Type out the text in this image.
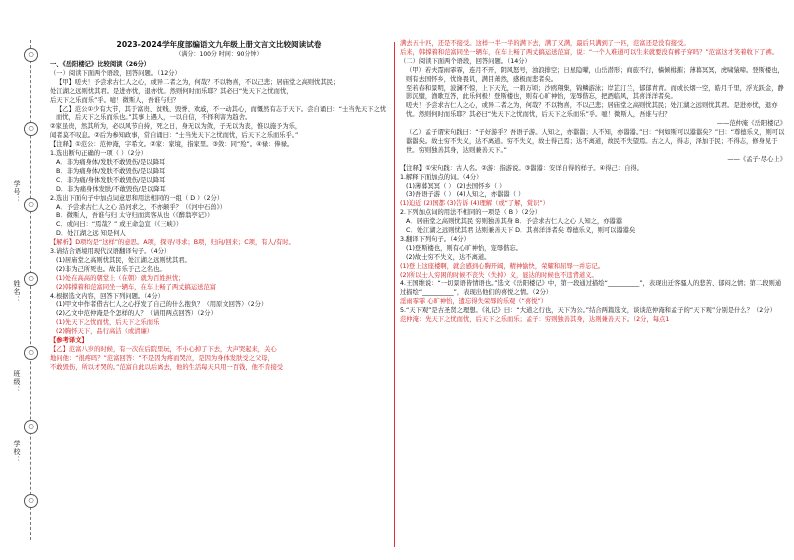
学号：
姓名：
班级：
学校：
○
○
○
○
○
○
○
2023-2024学年度部编语文九年级上册文言文比较阅读试卷
（满分：100分 时间：90分钟）

一、《岳阳楼记》比较阅读（26分）

（一）阅读下面两个语段，回答问题。（12分）

【甲】嗟夫！予尝求古仁人之心，或异二者之为，何哉？不以物喜，不以己悲；居庙堂之高则忧其民；

处江湖之远则忧其君。是进亦忧，退亦忧。然则何时而乐耶？其必曰“先天下之忧而忧，

后天下之乐而乐”乎。噫！微斯人，吾谁与归？

【乙】范公①少有大节，其于富贵、贫贱、毁誉、欢戚，不一动其心，而慨然有志于天下。尝自诵曰：“士当先天下之忧而忧，后天下之乐而乐也。”其事上遇人，一以自信，不择利害为趋舍。

②家虽贵，然其所为，必以风节自持，死之日，身无以为敛，子无以为丧，惟以施予为乐，

闻者莫不叹息。②后为参知政事，常自诵曰：“士当先天下之忧而忧，后天下之乐而乐乎。”

【注释】①范公：范仲淹，字希文。②家：家境，指家里。③敛：同“殓”。④禄：俸禄。

1.选出断句正确的一项（ ）（2分）

A．非为痛身体/发肤不敢毁伤/是以降耳

B．非为痛身体/发肤不敢毁伤/是以降耳

C．非为痛/身体发肤不敢毁伤/是以降耳

D．非为痛身体发肤/不敢毁伤/是以降耳

2.选出下面句子中加点词意思和用法相同的一组（ D ）（2分）

A．予尝求古仁人之心 沿河求之，不亦颠乎？（《河中石兽》）

B．微斯人，吾谁与归 太守归而宾客从也（《醉翁亭记》）

C．或问曰：“焉哉？” 或王命急宣（《三峡》）

D．处江湖之远 知是何人

【解析】D项均是“这样”的意思。A项，探寻/寻求；B项，归向/回来；C项，有人/有时。

3.请结合语境用现代汉语翻译句子。（4分）

(1)居庙堂之高则忧其民，处江湖之远则忧其君。

(2)非为己所死也。故非乐于己之名也。

(1)处在高高的朝堂上（在朝）就为百姓担忧；

(2)韩撑着和范富同坐一辆车，在车上畅了两丈搞运送范富

4.根据选文内容，回答下列问题。（4分）

(1)甲文中作者借古仁人之心抒发了自己的什么抱负？（用原文回答）（2分）

(2)乙文中范仲淹是个怎样的人？（请用两点回答）（2分）

(1)先天下之忧而忧，后天下之乐而乐

(2)胸怀天下，品行高洁（或清廉）

【参考译文】

【乙】范富八岁的时候，有一次在后院里玩，不小心掉了下去，大声哭起来，关心

地问他：“很疼吗？”范富回答：“不是因为疼而哭泣，是因为身体发肤受之父母，

不敢毁伤，所以才哭的。”范富自此以后离去，他的生活每天只用一百钱，他不肯接受

满去五十匹，还是不接受。这样一半一半的满下去，满了又满，最后只满到了一匹，范富还是没有接受。

后来，韩撑着和范富同坐一辆车，在车上畅了两丈搞运送范富，说：“一个人难道可以生来就要没有裤子穿吗？”范富这才笑着收下了裤。

（二）阅读下面两个语段，回答问题。（14分）

（甲）若夫霪雨霏霏，连月不开，阴风怒号，浊浪排空；日星隐曜，山岳潜形；商旅不行，樯倾楫摧；薄暮冥冥，虎啸猿啼。登斯楼也，则有去国怀乡，忧谗畏讥，满目萧然，感极而悲者矣。

至若春和景明，波澜不惊，上下天光，一碧万顷；沙鸥翔集，锦鳞游泳；岸芷汀兰，郁郁青青。而或长烟一空，皓月千里，浮光跃金，静影沉璧，渔歌互答，此乐何极！登斯楼也，则有心旷神怡，宠辱偕忘，把酒临风，其喜洋洋者矣。

嗟夫！予尝求古仁人之心，或异二者之为，何哉？不以物喜，不以己悲；居庙堂之高则忧其民；处江湖之远则忧其君。是进亦忧，退亦忧。然则何时而乐耶？其必曰“先天下之忧而忧，后天下之乐而乐”乎。噫！微斯人，吾谁与归？

——范仲淹《岳阳楼记》

（乙）孟子谓宋句践曰：“子好游乎？吾语子游。人知之，亦嚣嚣；人不知，亦嚣嚣。”曰：“何如斯可以嚣嚣矣？”曰：“尊德乐义，则可以嚣嚣矣。故士穷不失义，达不离道。穷不失义，故士得己焉；达不离道，故民不失望焉。古之人，得志，泽加于民；不得志，修身见于世。穷则独善其身，达则兼善天下。”

——《孟子·尽心上》

【注释】①宋句践：古人名。②游：指游说。③嚣嚣：安详自得的样子。④得己：自得。

1.解释下面加点的词。（4分）

(1)薄暮冥冥（ ） (2)去国怀乡（ ）

(3)吾语子游（ ） (4)人知之，亦嚣嚣（ ）

(1)迫近 (2)国都 (3)告诉 (4)理解（或“了解，赏识”）

2.下列加点词的用法不相同的一项是（ B ）（2分）

A．居庙堂之高则忧其民 穷则独善其身 B．予尝求古仁人之心 人知之，亦嚣嚣

C．处江湖之远则忧其君 达则兼善天下 D．其喜洋洋者矣 尊德乐义，则可以嚣嚣矣

3.翻译下列句子。（4分）

(1)登斯楼也，则有心旷神怡，宠辱偕忘。

(2)故士穷不失义，达不离道。

(1)登上这座楼啊，就会感到心胸开阔，精神愉快，荣耀和屈辱一并忘记。

(2)所以士人穷困的时候不丧失（失掉）义，显达的时候也不违背道义。

4.王国维说：“一切景语皆情语也。”选文《岳阳楼记》中，第一段通过描绘“__________”，表现出迁客骚人的悲苦、郁闷之情；第二段则通过描绘“__________”，表现出他们的喜悦之情。（2分）

淫雨霏霏 心旷神怡，遗忘得失荣辱的乐观（“喜悦”）

5.“天下观”是古圣贤之理想。《礼记》曰：“大道之行也，天下为公。”结合两篇选文，谈谈范仲淹和孟子的“天下观”分别是什么？（2分）

范仲淹：先天下之忧而忧，后天下之乐而乐；孟子：穷则独善其身，达则兼善天下。（2分，每点1
